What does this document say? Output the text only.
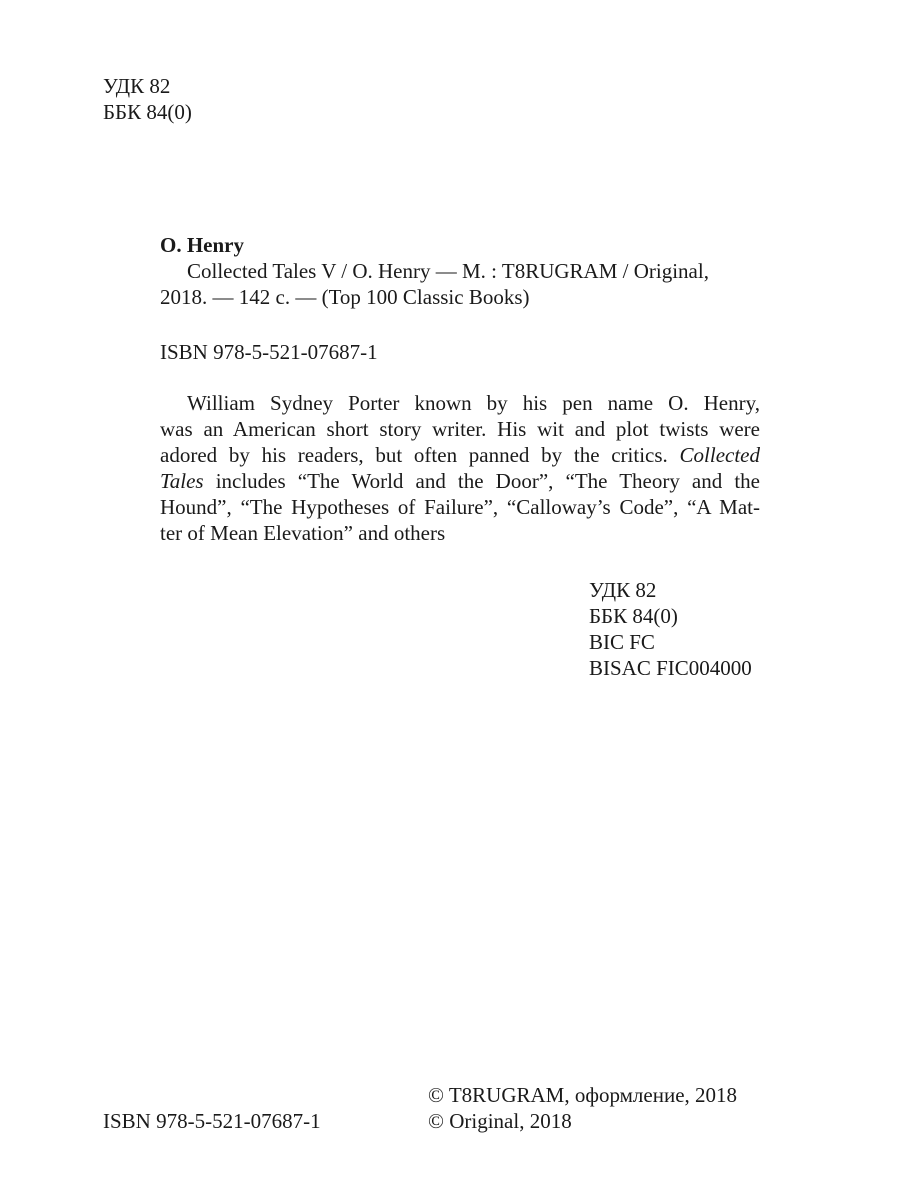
УДК 82
ББК 84(0)
O. Henry
Collected Tales V / O. Henry — M. : T8RUGRAM / Original,
2018. — 142 с. — (Top 100 Classic Books)
ISBN 978-5-521-07687-1
William Sydney Porter known by his pen name O. Henry,
was an American short story writer. His wit and plot twists were
adored by his readers, but often panned by the critics. Collected
Tales includes “The World and the Door”, “The Theory and the
Hound”, “The Hypotheses of Failure”, “Calloway’s Code”, “A Mat-
ter of Mean Elevation” and others
УДК 82
ББК 84(0)
BIC FC
BISAC FIC004000
ISBN 978-5-521-07687-1
© T8RUGRAM, оформление, 2018
© Original, 2018
